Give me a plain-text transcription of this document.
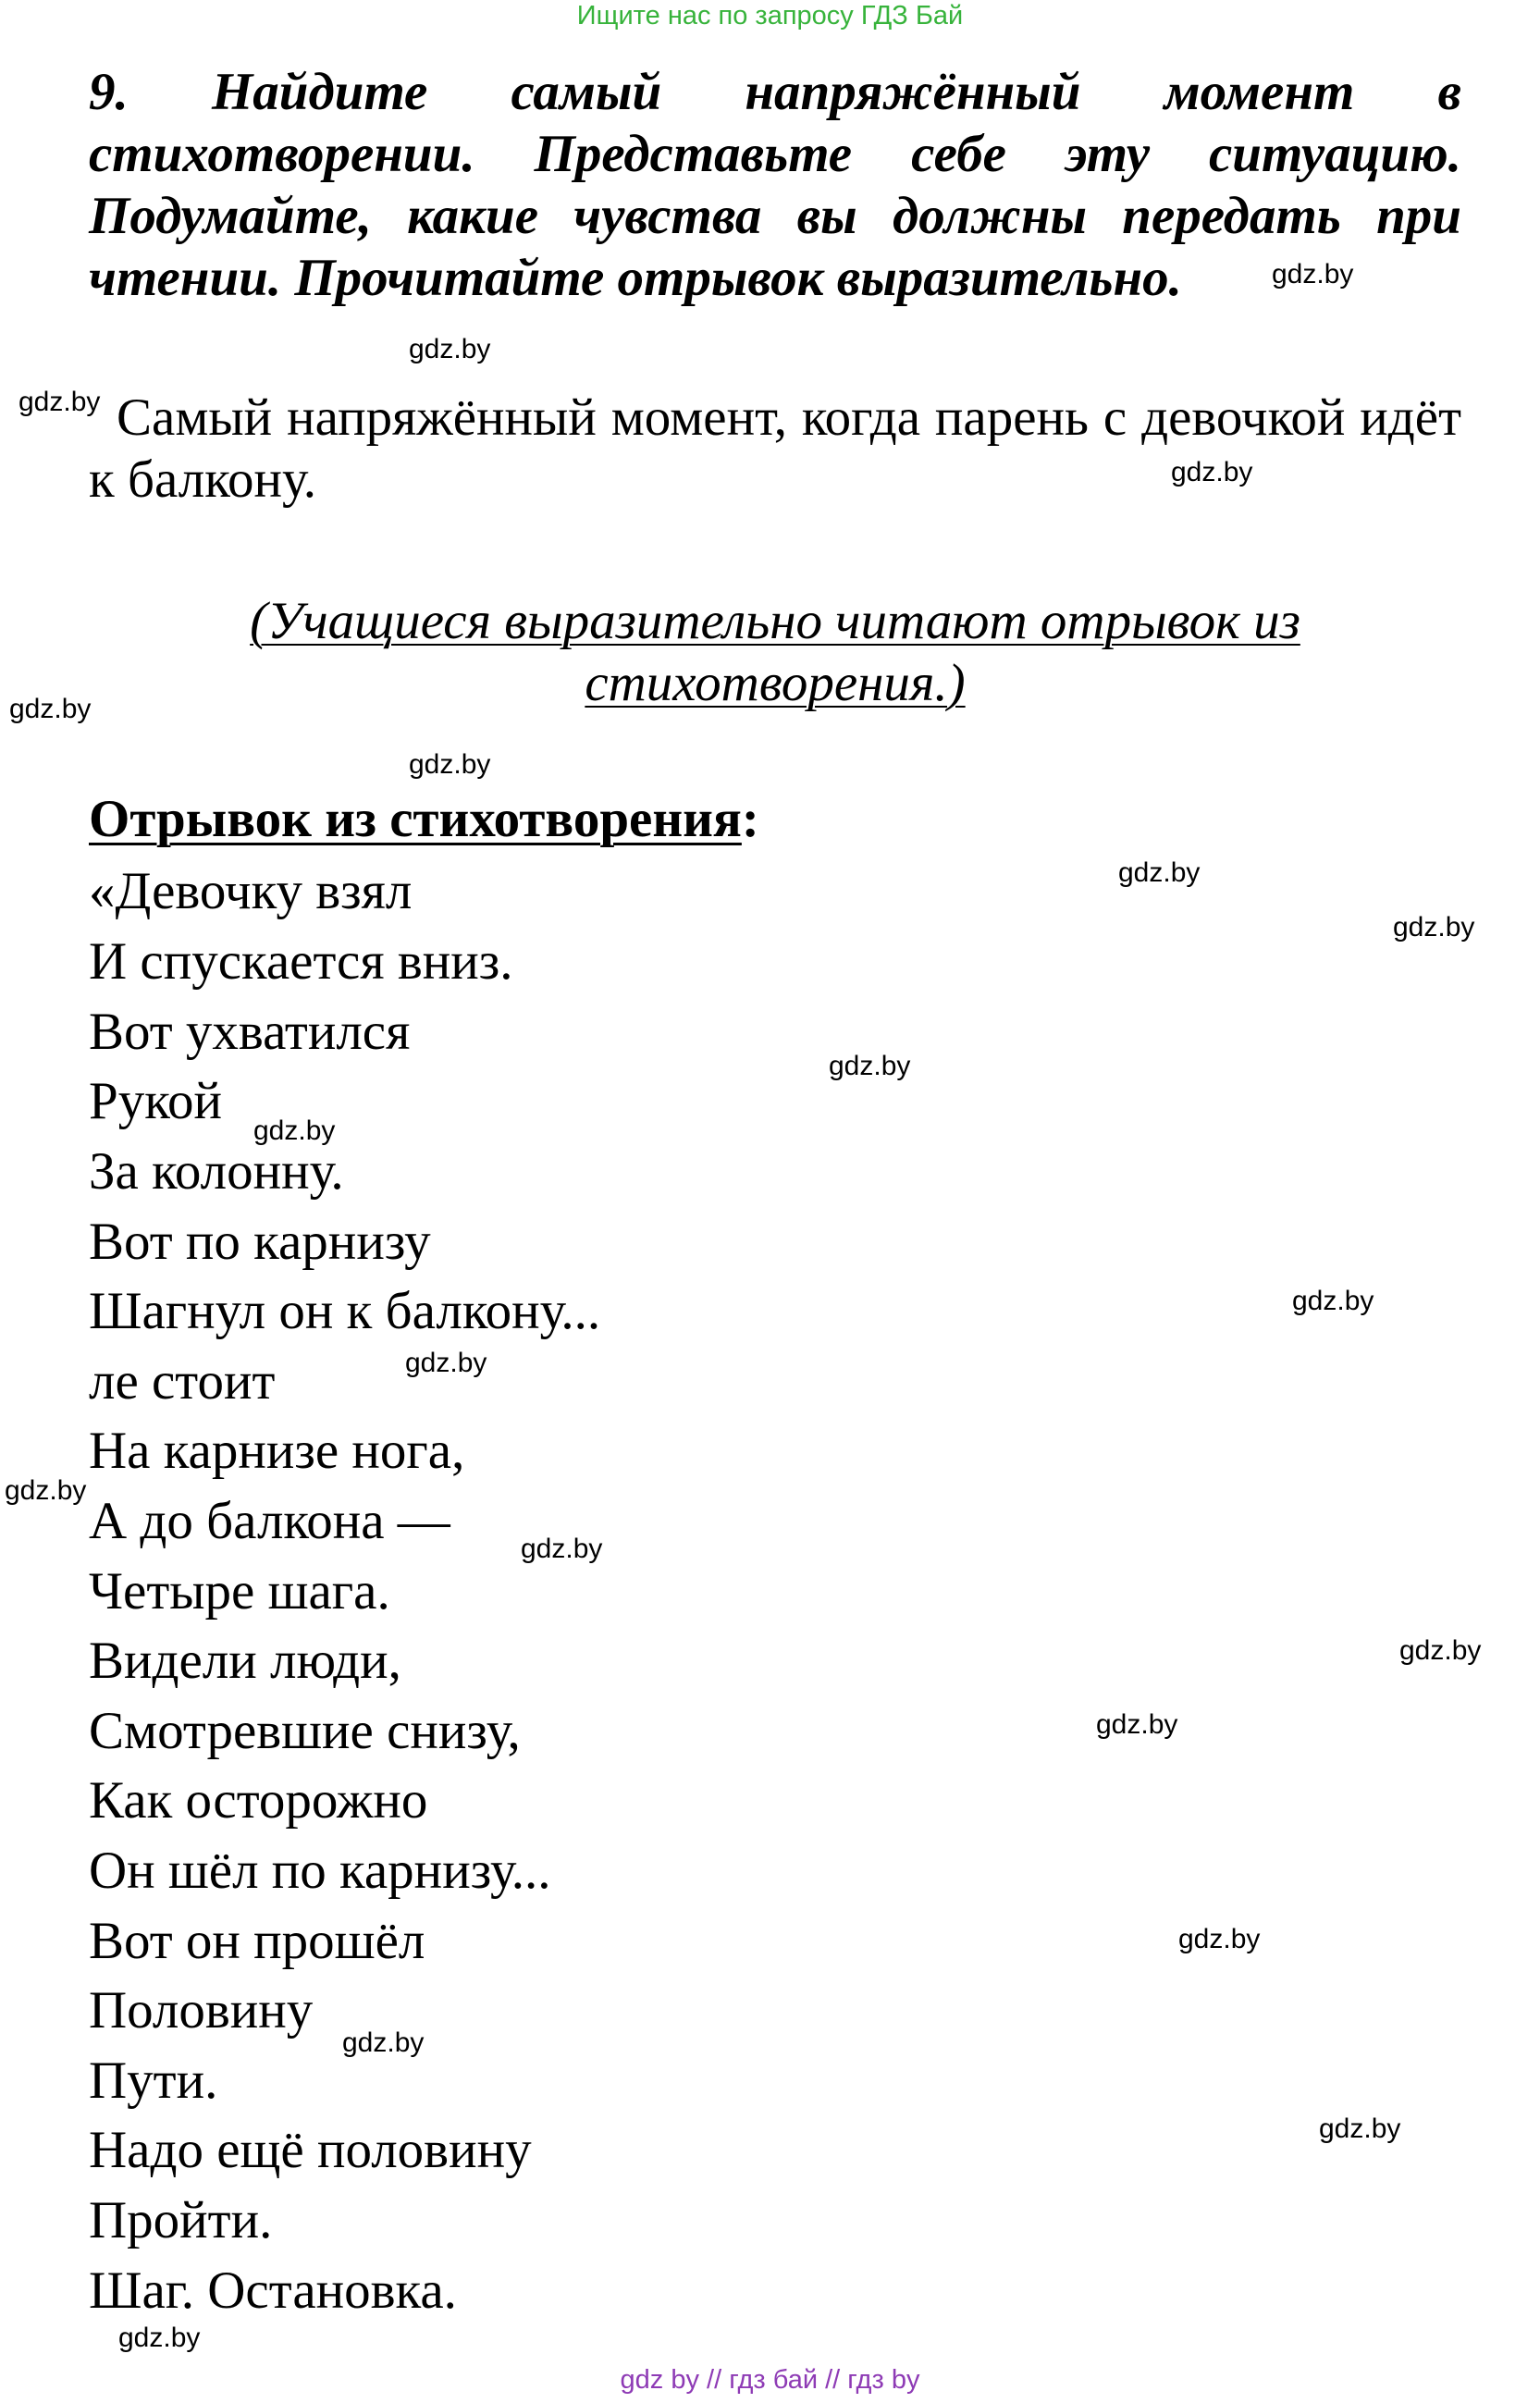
Ищите нас по запросу ГДЗ Бай
9. Найдите самый напряжённый момент в стихотворении. Представьте себе эту ситуацию. Подумайте, какие чувства вы должны передать при чтении. Прочитайте отрывок выразительно.
Самый напряжённый момент, когда парень с девочкой идёт к балкону.
(Учащиеся выразительно читают отрывок из
стихотворения.)
Отрывок из стихотворения:
«Девочку взял
И спускается вниз.
Вот ухватился
Рукой
За колонну.
Вот по карнизу
Шагнул он к балкону...
ле стоит
На карнизе нога,
А до балкона —
Четыре шага.
Видели люди,
Смотревшие снизу,
Как осторожно
Он шёл по карнизу...
Вот он прошёл
Половину
Пути.
Надо ещё половину
Пройти.
Шаг. Остановка.
gdz.by
gdz.by
gdz.by
gdz.by
gdz.by
gdz.by
gdz.by
gdz.by
gdz.by
gdz.by
gdz.by
gdz.by
gdz.by
gdz.by
gdz.by
gdz.by
gdz.by
gdz.by
gdz.by
gdz.by
gdz by // гдз бай // гдз by
